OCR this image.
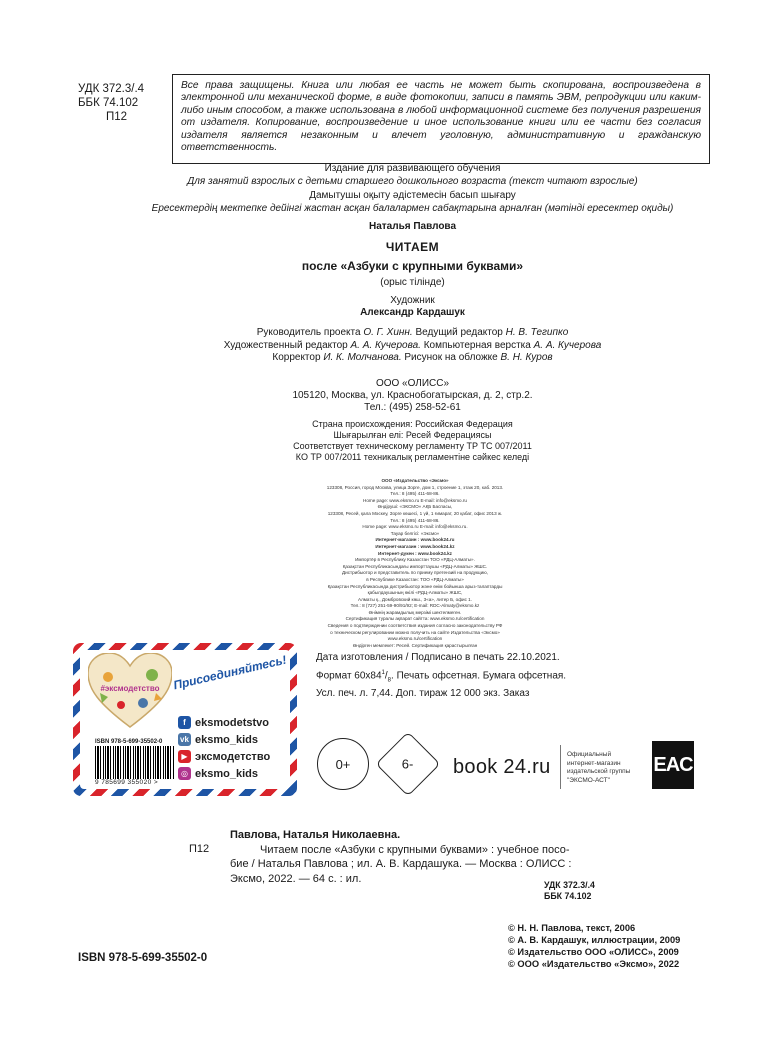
УДК 372.3/.4
ББК 74.102

П12
Все права защищены. Книга или любая ее часть не может быть скопирована, воспроизведена в электронной или механической форме, в виде фотокопии, записи в память ЭВМ, репродукции или каким-либо иным способом, а также использована в любой информационной системе без получения разрешения от издателя. Копирование, воспроизведение и иное использование книги или ее части без согласия издателя является незаконным и влечет уголовную, административную и гражданскую ответственность.
Издание для развивающего обучения
Для занятий взрослых с детьми старшего дошкольного возраста (текст читают взрослые)
Дамытушы оқыту әдістемесін басып шығару
Ересектердің мектепке дейінгі жастан асқан балалармен сабақтарына арналған (мәтінді ересектер оқиды)
Наталья Павлова
ЧИТАЕМ
после «Азбуки с крупными буквами»
(орыс тілінде)
Художник
Александр Кардашук
Руководитель проекта О. Г. Хинн. Ведущий редактор Н. В. Тегипко
Художественный редактор А. А. Кучерова. Компьютерная верстка А. А. Кучерова
Корректор И. К. Молчанова. Рисунок на обложке В. Н. Куров
ООО «ОЛИСС»
105120, Москва, ул. Краснобогатырская, д. 2, стр.2.
Тел.: (495) 258-52-61
Страна происхождения: Российская Федерация
Шығарылған елі: Ресей Федерациясы
Соответствует техническому регламенту ТР ТС 007/2011
КО ТР 007/2011 техникалық регламентіне сәйкес келеді
ООО «Издательство «Эксмо»
123308, Россия, город Москва, улица Зорге, дом 1, строение 1, этаж 20, каб. 2013.
Тел.: 8 (495) 411-68-86.
Home page: www.eksmo.ru E-mail: info@eksmo.ru
Өндіруші: «ЭКСМО» АҚБ Баспасы,
123308, Ресей, қала Мәскеу, Зорге көшесі, 1 үй, 1 ғимарат, 20 қабат, офис 2013 ж.
Тел.: 8 (495) 411-68-86.
Home page: www.eksmo.ru E-mail: info@eksmo.ru.
Тауар белгісі: «Эксмо»
Интернет-магазин : www.book24.ru
Интернет-магазин : www.book24.kz
Интернет-дүкен : www.book24.kz
Импортёр в Республику Казахстан ТОО «РДЦ-Алматы».
Қазақстан Республикасындағы импорттаушы «РДЦ-Алматы» ЖШС.
Дистрибьютор и представитель по приему претензий на продукцию,
в Республике Казахстан: ТОО «РДЦ-Алматы»
Қазақстан Республикасында дистрибьютор және өнім бойынша арыз-талаптарды
қабылдаушының өкілі «РДЦ-Алматы» ЖШС,
Алматы қ., Домбровский көш., 3«а», литер Б, офис 1.
Тел.: 8 (727) 251-59-90/91/92; E-mail: RDC-Almaty@eksmo.kz
Өнімнің жарамдылық мерзімі шектелмеген.
Сертификация туралы ақпарат сайтта: www.eksmo.ru/certification
Сведения о подтверждении соответствия издания согласно законодательству РФ
о техническом регулировании можно получить на сайте Издательства «Эксмо»
www.eksmo.ru/certification
Өндірген мемлекет: Ресей. Сертификация қарастырылған
#эксмодетство Присоединяйтесь!
f eksmodetstvo
vk eksmo_kids
▶ эксмодетство
◎ eksmo_kids
ISBN 978-5-699-35502-0
9 785699 355020 >
Дата изготовления / Подписано в печать 22.10.2021.
Формат $60x84^1/_8$. Печать офсетная. Бумага офсетная.
Усл. печ. л. 7,44. Доп. тираж 12 000 экз. Заказ
0+	6- book 24.ru
Официальный
интернет-магазин
издательской группы
"ЭКСМО-АСТ"
EAC
Павлова, Наталья Николаевна.
Читаем после «Азбуки с крупными буквами» : учебное посо-
бие / Наталья Павлова ; ил. А. В. Кардашука. — Москва : ОЛИСС :
Эксмо, 2022. — 64 с. : ил.
П12
УДК 372.3/.4
ББК 74.102
ISBN 978-5-699-35502-0
© Н. Н. Павлова, текст, 2006
© А. В. Кардашук, иллюстрации, 2009
© Издательство ООО «ОЛИСС», 2009
© ООО «Издательство «Эксмо», 2022
